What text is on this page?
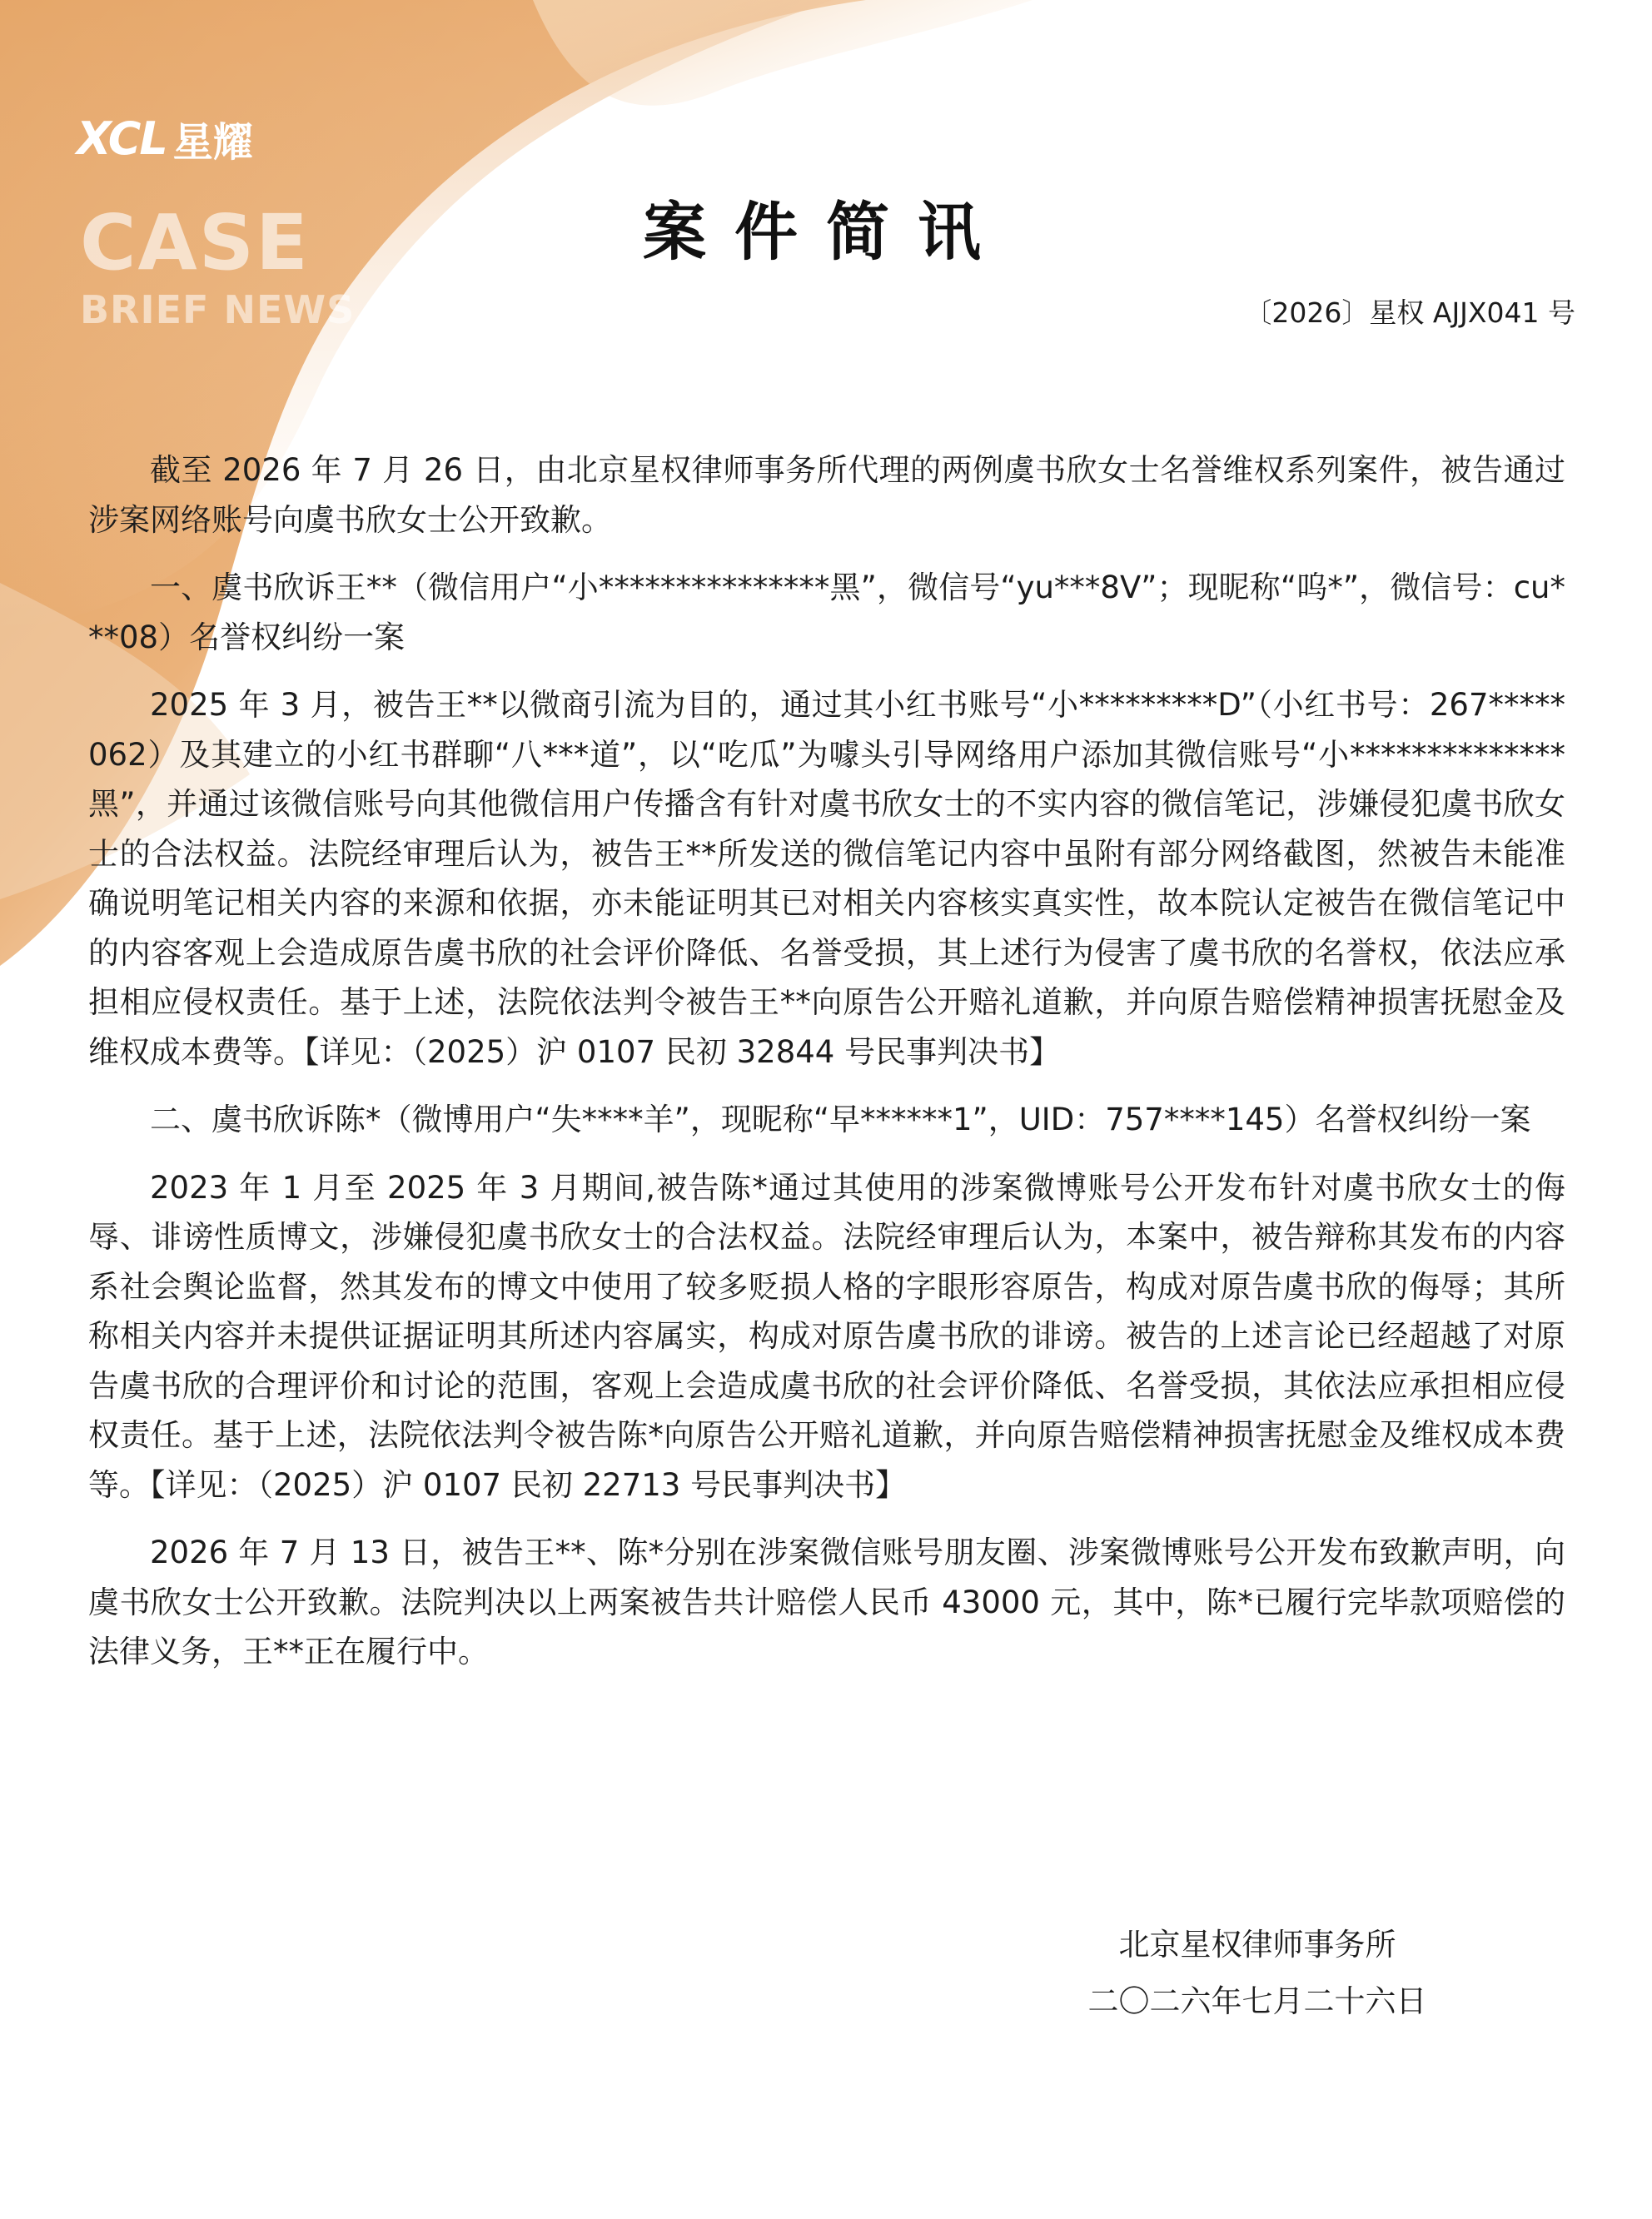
XCL 星耀
CASE
BRIEF NEWS
案件简讯
〔2026〕星权 AJJX041 号

截至 2026 年 7 月 26 日，由北京星权律师事务所代理的两例虞书欣女士名誉维权系列案件，被告通过涉案网络账号向虞书欣女士公开致歉。

一、虞书欣诉王**（微信用户“小***************黑”，微信号“yu***8V”；现昵称“呜*”，微信号：cu***08）名誉权纠纷一案

2025 年 3 月，被告王**以微商引流为目的，通过其小红书账号“小*********D”（小红书号：267*****062）及其建立的小红书群聊“八***道”，以“吃瓜”为噱头引导网络用户添加其微信账号“小**************黑”，并通过该微信账号向其他微信用户传播含有针对虞书欣女士的不实内容的微信笔记，涉嫌侵犯虞书欣女士的合法权益。法院经审理后认为，被告王**所发送的微信笔记内容中虽附有部分网络截图，然被告未能准确说明笔记相关内容的来源和依据，亦未能证明其已对相关内容核实真实性，故本院认定被告在微信笔记中的内容客观上会造成原告虞书欣的社会评价降低、名誉受损，其上述行为侵害了虞书欣的名誉权，依法应承担相应侵权责任。基于上述，法院依法判令被告王**向原告公开赔礼道歉，并向原告赔偿精神损害抚慰金及维权成本费等。【详见：（2025）沪 0107 民初 32844 号民事判决书】

二、虞书欣诉陈*（微博用户“失****羊”，现昵称“早******1”，UID：757****145）名誉权纠纷一案

2023 年 1 月至 2025 年 3 月期间,被告陈*通过其使用的涉案微博账号公开发布针对虞书欣女士的侮辱、诽谤性质博文，涉嫌侵犯虞书欣女士的合法权益。法院经审理后认为，本案中，被告辩称其发布的内容系社会舆论监督，然其发布的博文中使用了较多贬损人格的字眼形容原告，构成对原告虞书欣的侮辱；其所称相关内容并未提供证据证明其所述内容属实，构成对原告虞书欣的诽谤。被告的上述言论已经超越了对原告虞书欣的合理评价和讨论的范围，客观上会造成虞书欣的社会评价降低、名誉受损，其依法应承担相应侵权责任。基于上述，法院依法判令被告陈*向原告公开赔礼道歉，并向原告赔偿精神损害抚慰金及维权成本费等。【详见：（2025）沪 0107 民初 22713 号民事判决书】

2026 年 7 月 13 日，被告王**、陈*分别在涉案微信账号朋友圈、涉案微博账号公开发布致歉声明，向虞书欣女士公开致歉。法院判决以上两案被告共计赔偿人民币 43000 元，其中，陈*已履行完毕款项赔偿的法律义务，王**正在履行中。

北京星权律师事务所
二〇二六年七月二十六日
